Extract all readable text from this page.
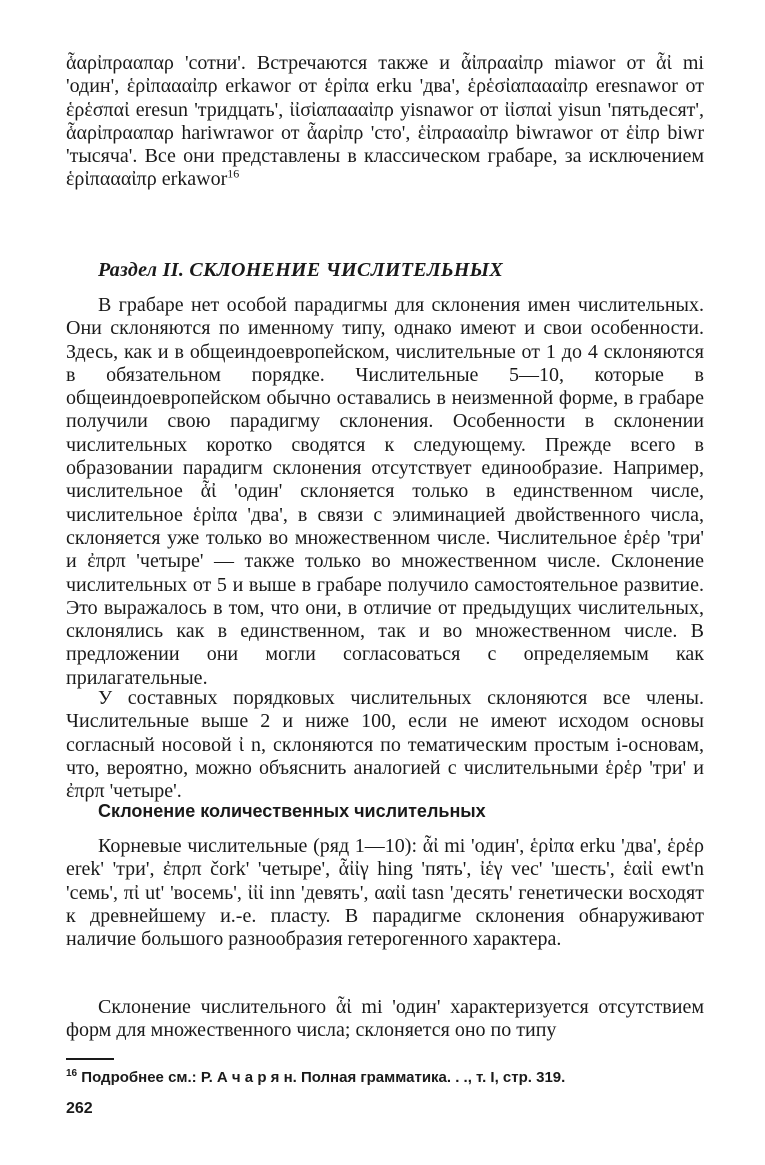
ἇαρἰπρααπαρ 'сотни'. Встречаются также и ἇἰπρααἰπρ miawor от ἇἰ mi 'один', ἑρἰπαααἰπρ erkawor от ἑρἰπα erku 'два', ἑρἑσἰαπαααἰπρ eresnawor от ἑρἑσπαἰ eresun 'тридцать', ἰἰσἰαπαααἰπρ yisnawor от ἰἰσπαἰ yisun 'пятьдесят', ἇαρἰπρααπαρ hariwrawor от ἇαρἰπρ 'сто', ἑἰπραααἰπρ biwrawor от ἑἰπρ biwr 'тысяча'. Все они представлены в классическом грабаре, за исключением ἑρἰπαααἰπρ erkawor$^{16}$

Раздел II. СКЛОНЕНИЕ ЧИСЛИТЕЛЬНЫХ

В грабаре нет особой парадигмы для склонения имен числительных. Они склоняются по именному типу, однако имеют и свои особенности. Здесь, как и в общеиндоевропейском, числительные от 1 до 4 склоняются в обязательном порядке. Числительные 5—10, которые в общеиндоевропейском обычно оставались в неизменной форме, в грабаре получили свою парадигму склонения. Особенности в склонении числительных коротко сводятся к следующему. Прежде всего в образовании парадигм склонения отсутствует единообразие. Например, числительное ἇἰ 'один' склоняется только в единственном числе, числительное ἑρἰπα 'два', в связи с элиминацией двойственного числа, склоняется уже только во множественном числе. Числительное ἑρἑρ 'три' и ἐπρπ 'четыре' — также только во множественном числе. Склонение числительных от 5 и выше в грабаре получило самостоятельное развитие. Это выражалось в том, что они, в отличие от предыдущих числительных, склонялись как в единственном, так и во множественном числе. В предложении они могли согласоваться с определяемым как прилагательные.

У составных порядковых числительных склоняются все члены. Числительные выше 2 и ниже 100, если не имеют исходом основы согласный носовой ἰ n, склоняются по тематическим простым i-основам, что, вероятно, можно объяснить аналогией с числительными ἑρἑρ 'три' и ἐπρπ 'четыре'.

Склонение количественных числительных

Корневые числительные (ряд 1—10): ἇἰ mi 'один', ἑρἰπα erku 'два', ἑρἑρ erek' 'три', ἐπρπ čork' 'четыре', ἇἰἰγ hing 'пять', ἰἑγ vec' 'шесть', ἑαἰἰ ewt'n 'семь', πἰ ut' 'восемь', ἰἰἰ inn 'девять', ααἰἰ tasn 'десять' генетически восходят к древнейшему и.-е. пласту. В парадигме склонения обнаруживают наличие большого разнообразия гетерогенного характера.

Склонение числительного ἇἰ mi 'один' характеризуется отсутствием форм для множественного числа; склоняется оно по типу

$^{16}$ Подробнее см.: Р. А ч а р я н. Полная грамматика. . ., т. I, стр. 319.

262
